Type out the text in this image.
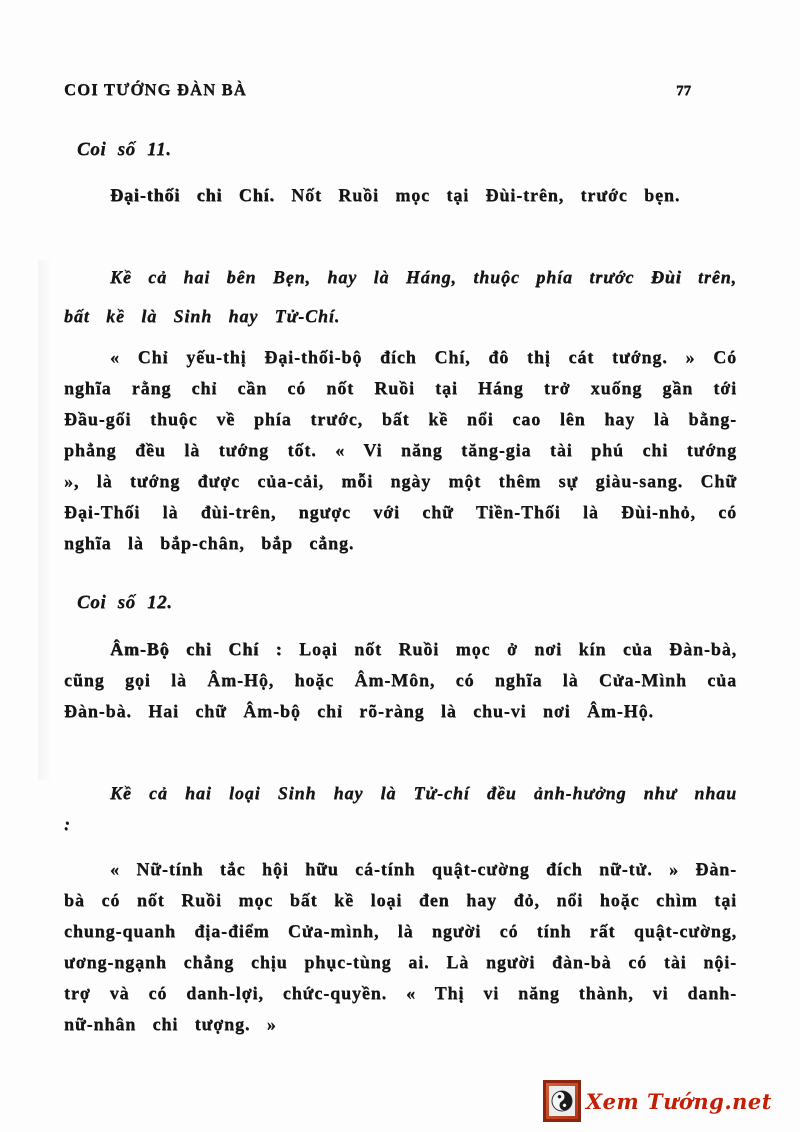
COI TƯỚNG ĐÀN BÀ	77
Coi số 11.

Đại-thối chi Chí. Nốt Ruồi mọc tại Đùi-trên, trước bẹn.

Kề cả hai bên Bẹn, hay là Háng, thuộc phía trước Đùi trên, bất kề là Sinh hay Tử-Chí.

« Chỉ yếu-thị Đại-thối-bộ đích Chí, đô thị cát tướng. » Có nghĩa rằng chỉ cần có nốt Ruồi tại Háng trở xuống gần tới Đầu-gối thuộc về phía trước, bất kề nổi cao lên hay là bằng-phẳng đều là tướng tốt. « Vi năng tăng-gia tài phú chi tướng », là tướng được của-cải, mỗi ngày một thêm sự giàu-sang. Chữ Đại-Thối là đùi-trên, ngược với chữ Tiền-Thối là Đùi-nhỏ, có nghĩa là bắp-chân, bắp cẳng.

Coi số 12.

Âm-Bộ chi Chí : Loại nốt Ruồi mọc ở nơi kín của Đàn-bà, cũng gọi là Âm-Hộ, hoặc Âm-Môn, có nghĩa là Cửa-Mình của Đàn-bà. Hai chữ Âm-bộ chỉ rõ-ràng là chu-vi nơi Âm-Hộ.

Kề cả hai loại Sinh hay là Tử-chí đều ảnh-hưởng như nhau :

« Nữ-tính tắc hội hữu cá-tính quật-cường đích nữ-tử. » Đàn-bà có nốt Ruồi mọc bất kề loại đen hay đỏ, nổi hoặc chìm tại chung-quanh địa-điểm Cửa-mình, là người có tính rất quật-cường, ương-ngạnh chẳng chịu phục-tùng ai. Là người đàn-bà có tài nội-trợ và có danh-lợi, chức-quyền. « Thị vi năng thành, vi danh-nữ-nhân chi tượng. »

Xem Tướng.net
